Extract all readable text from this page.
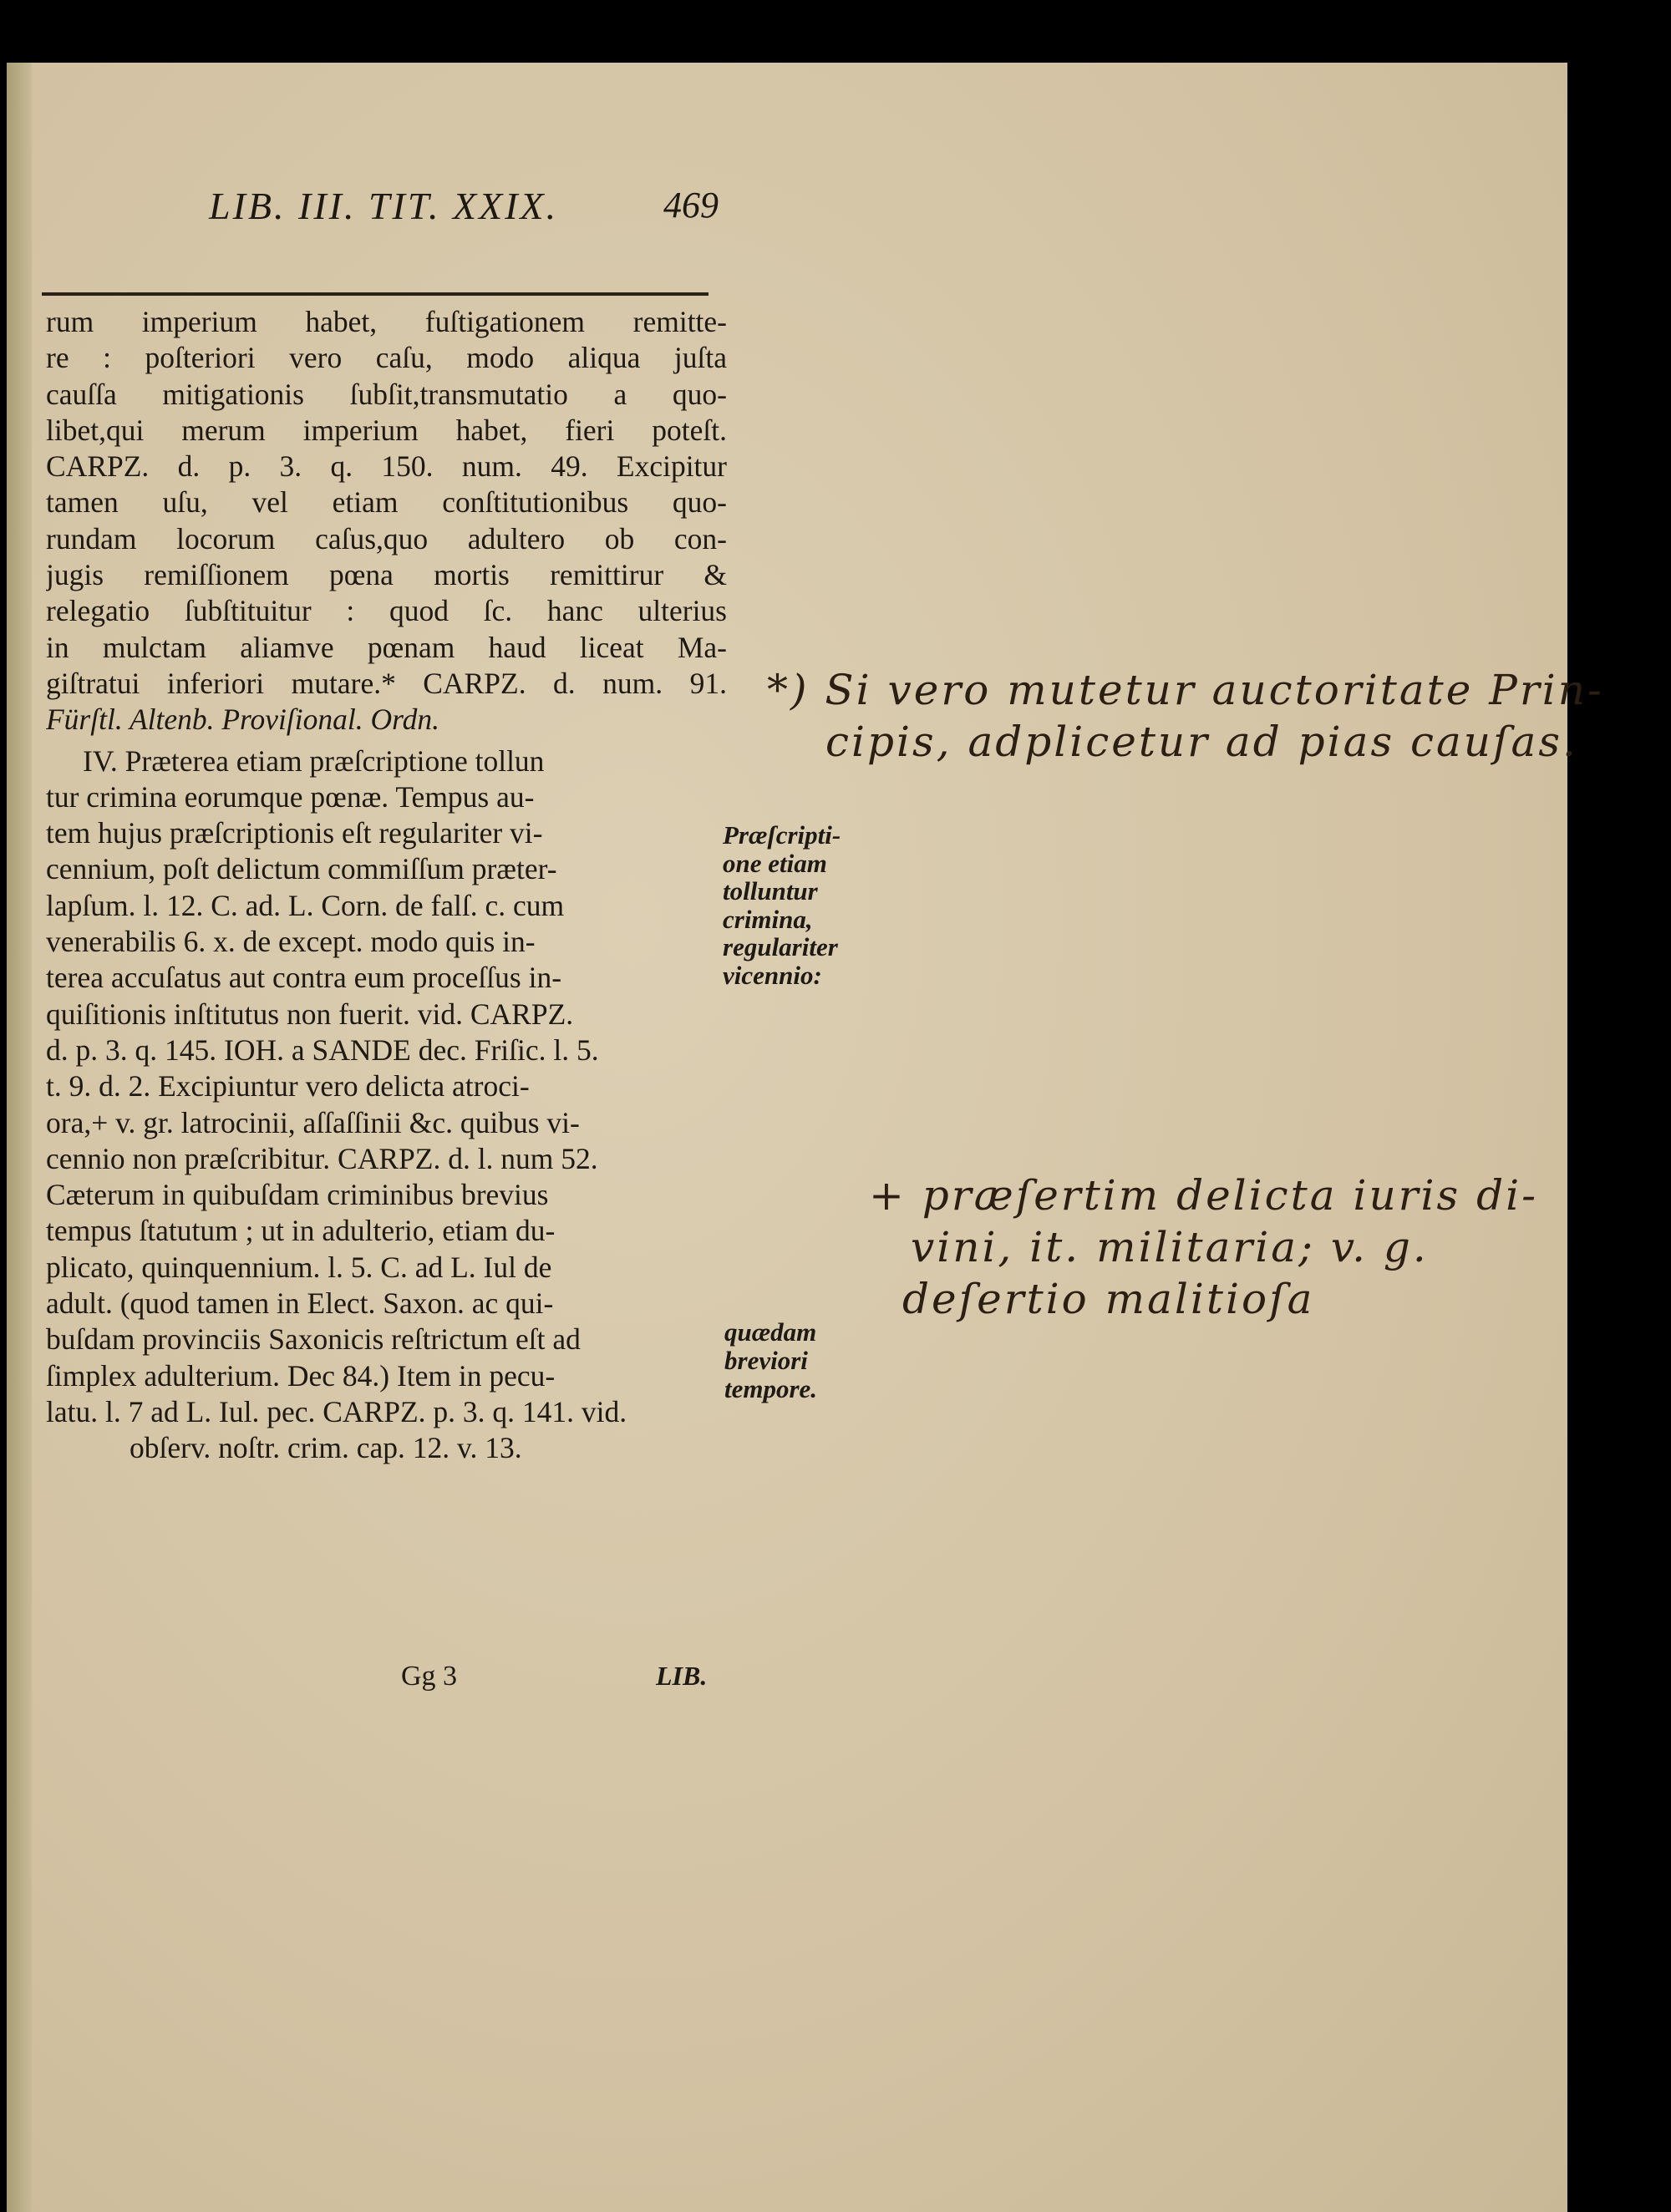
LIB. III. TIT. XXIX.	469
rum imperium habet, fuſtigationem remitte-
re : poſteriori vero caſu, modo aliqua juſta
cauſſa mitigationis ſubſit,transmutatio a quo-
libet,qui merum imperium habet, fieri poteſt.
CARPZ. d. p. 3. q. 150. num. 49. Excipitur
tamen uſu, vel etiam conſtitutionibus quo-
rundam locorum caſus,quo adultero ob con-
jugis remiſſionem pœna mortis remittirur &
relegatio ſubſtituitur : quod ſc. hanc ulterius
in mulctam aliamve pœnam haud liceat Ma-
giſtratui inferiori mutare.* CARPZ. d. num. 91.
Fürſtl. Altenb. Proviſional. Ordn.
IV. Præterea etiam præſcriptione tollun
tur crimina eorumque pœnæ. Tempus au-
tem hujus præſcriptionis eſt regulariter vi-
cennium, poſt delictum commiſſum præter-
lapſum. l. 12. C. ad. L. Corn. de falſ. c. cum
venerabilis 6. x. de except. modo quis in-
terea accuſatus aut contra eum proceſſus in-
quiſitionis inſtitutus non fuerit. vid. CARPZ.
d. p. 3. q. 145. IOH. a SANDE dec. Friſic. l. 5.
t. 9. d. 2. Excipiuntur vero delicta atroci-
ora,+ v. gr. latrocinii, aſſaſſinii &c. quibus vi-
cennio non præſcribitur. CARPZ. d. l. num 52.
Cæterum in quibuſdam criminibus brevius
tempus ſtatutum ; ut in adulterio, etiam du-
plicato, quinquennium. l. 5. C. ad L. Iul de
adult. (quod tamen in Elect. Saxon. ac qui-
buſdam provinciis Saxonicis reſtrictum eſt ad
ſimplex adulterium. Dec 84.) Item in pecu-
latu. l. 7 ad L. Iul. pec. CARPZ. p. 3. q. 141. vid.
obſerv. noſtr. crim. cap. 12. v. 13.
Præſcripti-
one etiam
tolluntur
crimina,
regulariter
vicennio:
quædam
breviori
tempore.
Gg 3	LIB.
*) Si vero mutetur auctoritate Prin-
cipis, adplicetur ad pias cauſas.
+ præſertim delicta iuris di-
vini, it. militaria; v. g.
deſertio malitioſa
